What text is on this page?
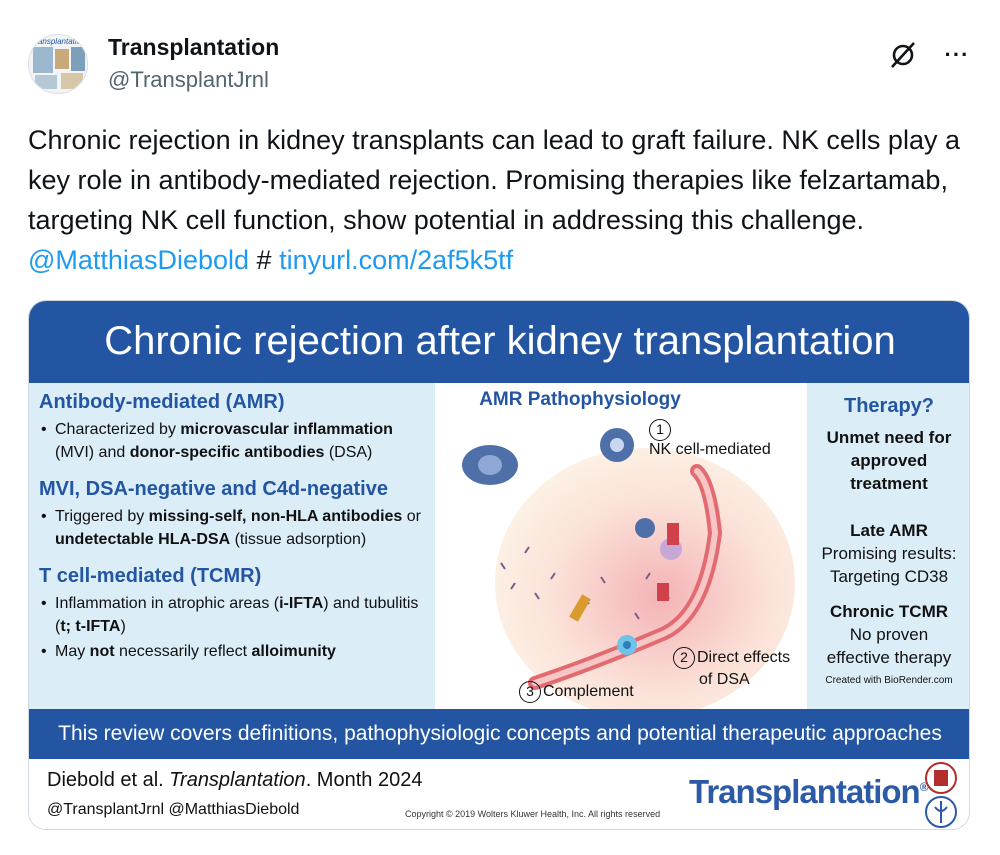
Transplantation Transplantation
@TransplantJrnl
···
Chronic rejection in kidney transplants can lead to graft failure. NK cells play a key role in antibody-mediated rejection. Promising therapies like felzartamab, targeting NK cell function, show potential in addressing this challenge. @MatthiasDiebold # tinyurl.com/2af5k5tf
Chronic rejection after kidney transplantation
Antibody-mediated (AMR)
• Characterized by microvascular inflammation (MVI) and donor-specific antibodies (DSA)
MVI, DSA-negative and C4d-negative
• Triggered by missing-self, non-HLA antibodies or undetectable HLA-DSA (tissue adsorption)
T cell-mediated (TCMR)
• Inflammation in atrophic areas (i-IFTA) and tubulitis (t; t-IFTA)
• May not necessarily reflect alloimunity
AMR Pathophysiology
1
NK cell-mediated
2 Direct effects
of DSA
3 Complement
Therapy?
Unmet need for
approved
treatment
Late AMR
Promising results:
Targeting CD38
Chronic TCMR
No proven
effective therapy
Created with BioRender.com
This review covers definitions, pathophysiologic concepts and potential therapeutic approaches
Diebold et al. Transplantation. Month 2024
@TransplantJrnl @MatthiasDiebold	Copyright © 2019 Wolters Kluwer Health, Inc. All rights reserved
Transplantation®
